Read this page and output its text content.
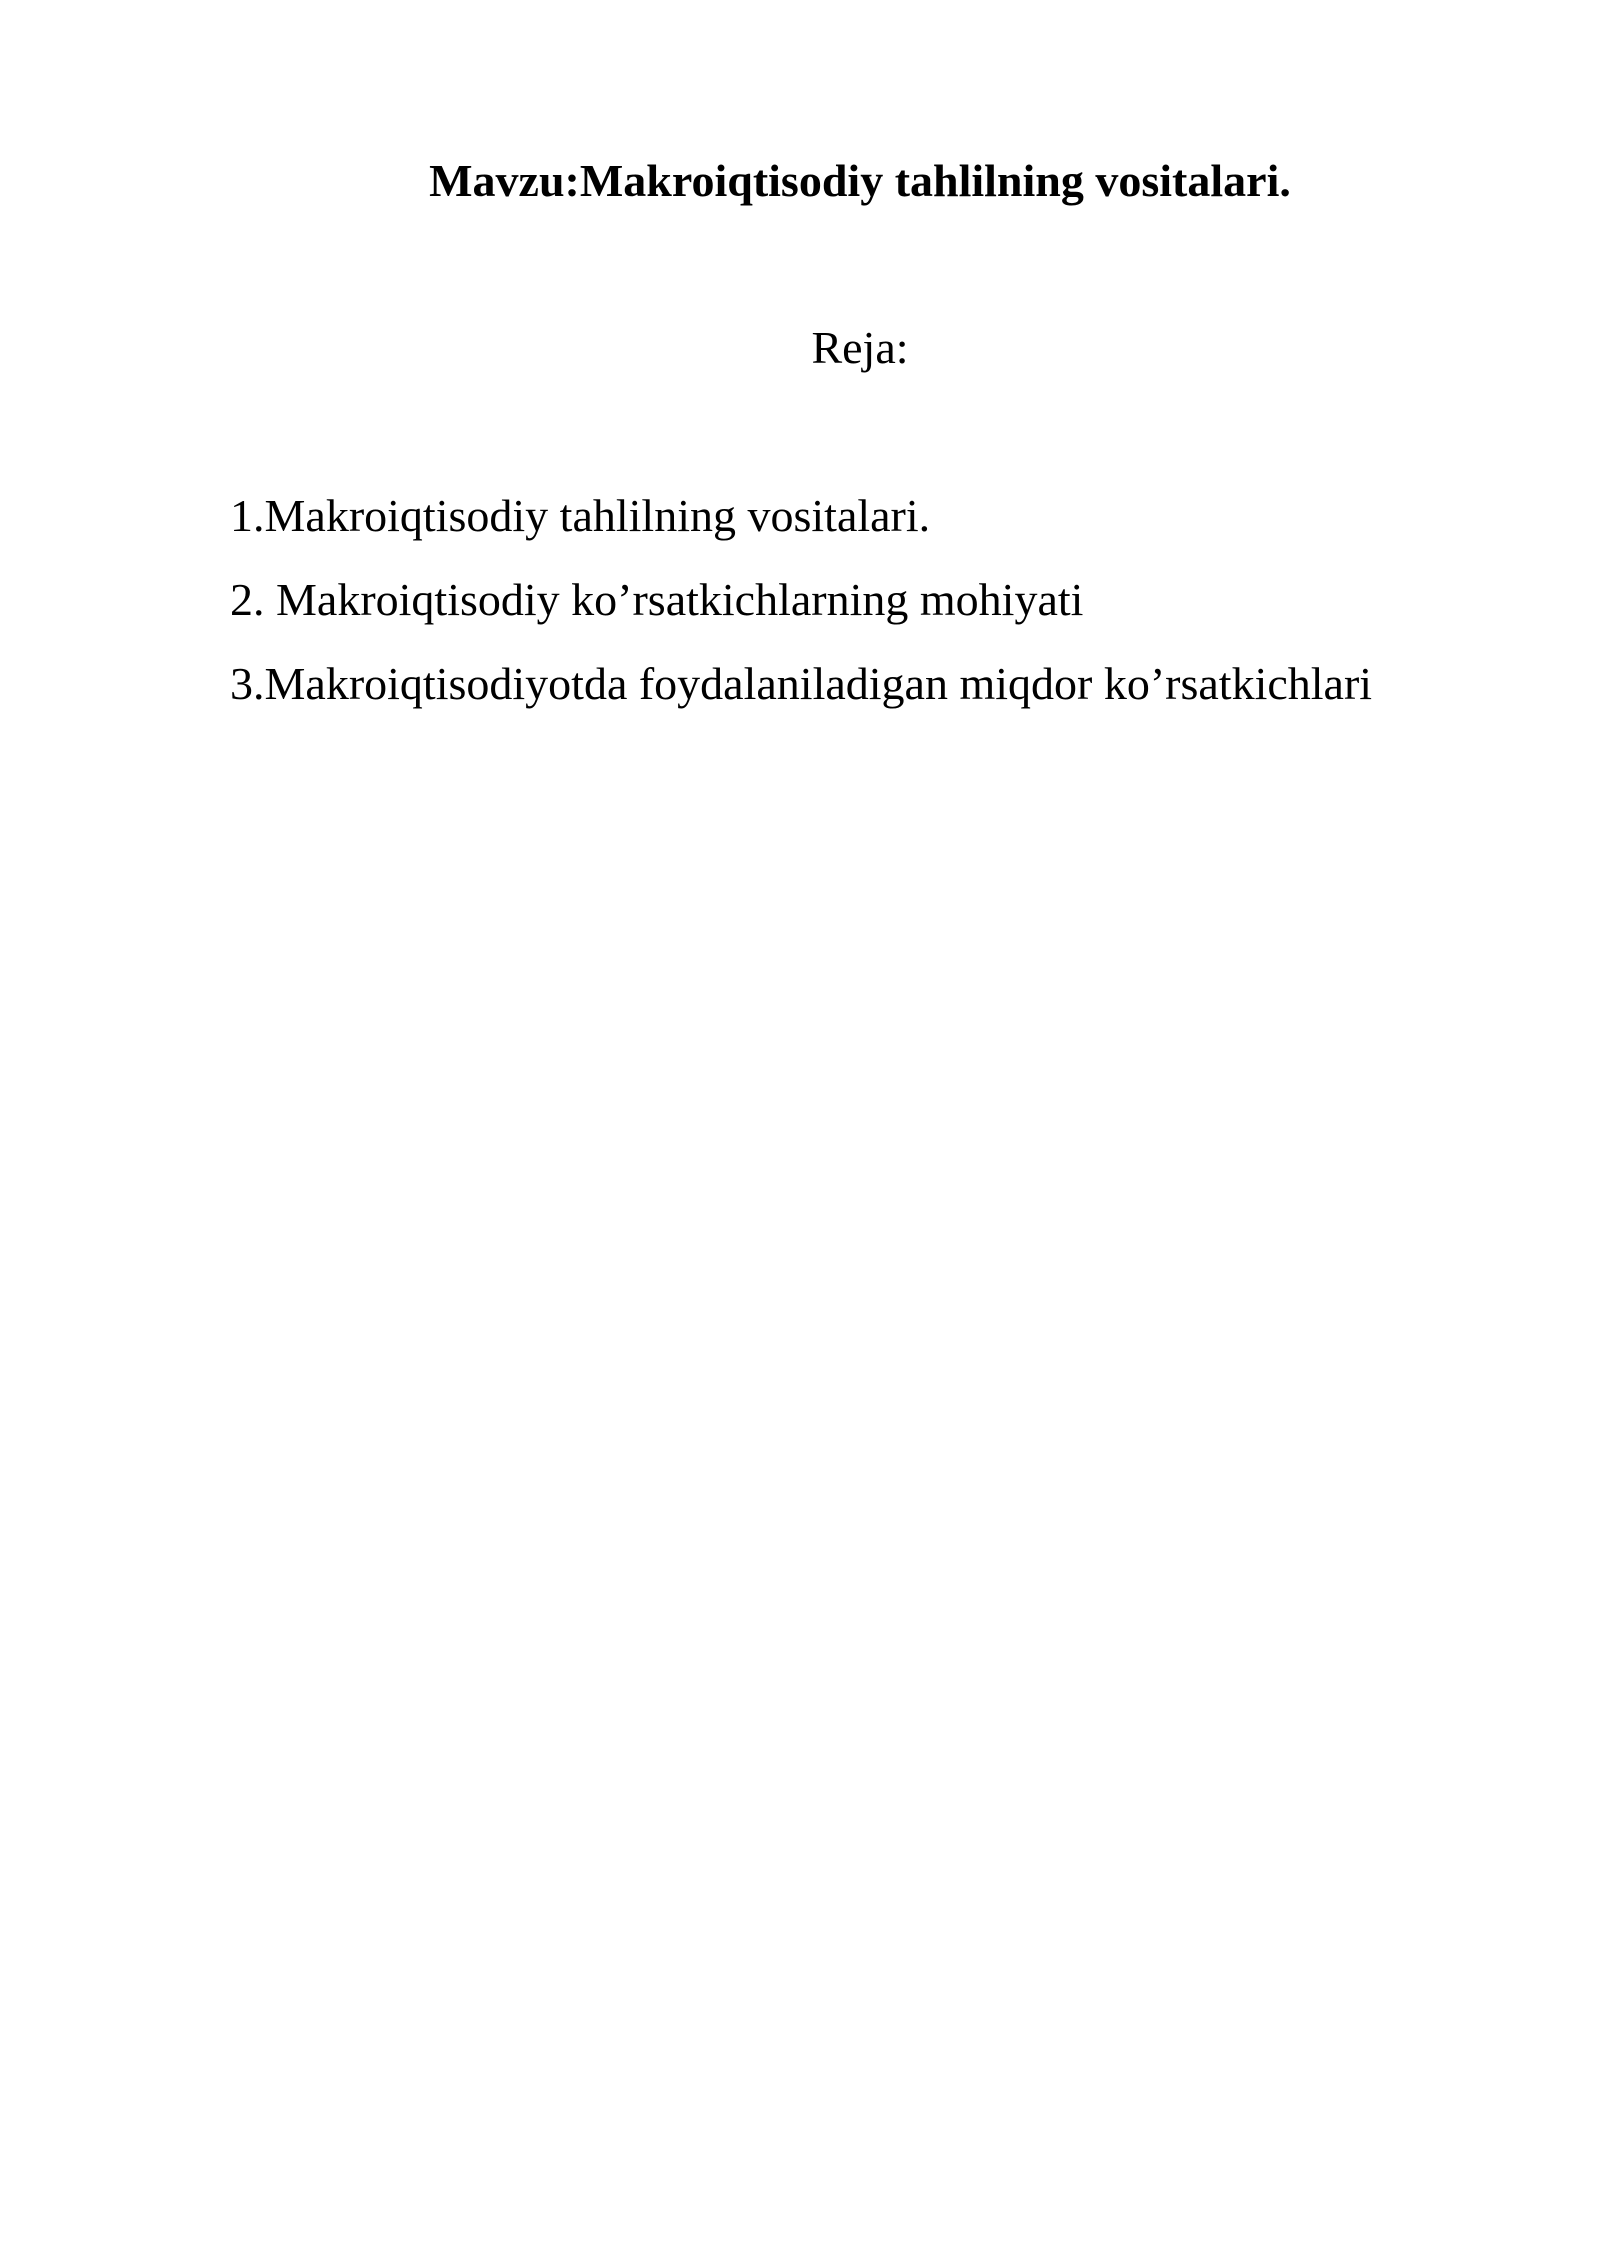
Mavzu:Makroiqtisodiy tahlilning vositalari.

Reja:

1.Makroiqtisodiy tahlilning vositalari.
2. Makroiqtisodiy ko’rsatkichlarning mohiyati
3.Makroiqtisodiyotda foydalaniladigan miqdor ko’rsatkichlari
